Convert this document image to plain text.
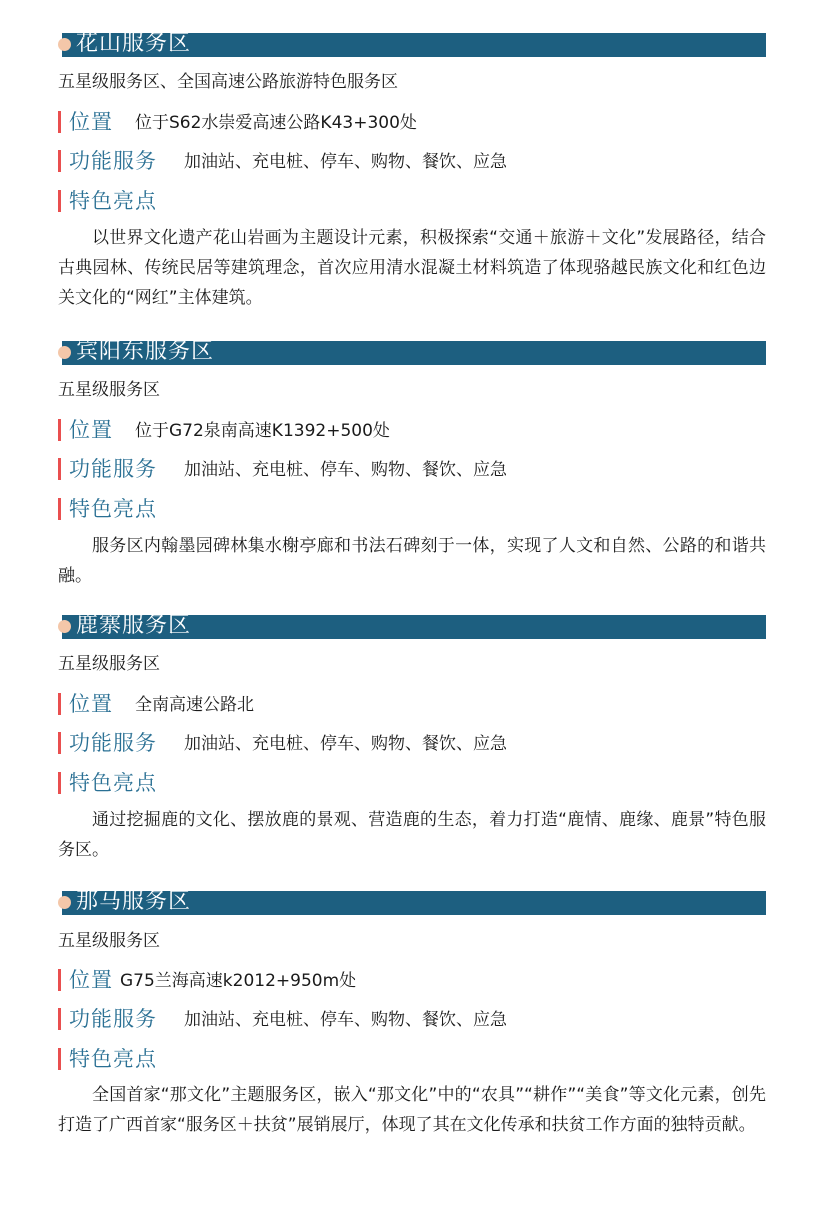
花山服务区
五星级服务区、全国高速公路旅游特色服务区
位置 位于S62水崇爱高速公路K43+300处
功能服务 加油站、充电桩、停车、购物、餐饮、应急
特色亮点
以世界文化遗产花山岩画为主题设计元素，积极探索“交通＋旅游＋文化”发展路径，结合古典园林、传统民居等建筑理念，首次应用清水混凝土材料筑造了体现骆越民族文化和红色边关文化的“网红”主体建筑。
宾阳东服务区
五星级服务区
位置 位于G72泉南高速K1392+500处
功能服务 加油站、充电桩、停车、购物、餐饮、应急
特色亮点
服务区内翰墨园碑林集水榭亭廊和书法石碑刻于一体，实现了人文和自然、公路的和谐共融。
鹿寨服务区
五星级服务区
位置 全南高速公路北
功能服务 加油站、充电桩、停车、购物、餐饮、应急
特色亮点
通过挖掘鹿的文化、摆放鹿的景观、营造鹿的生态，着力打造“鹿情、鹿缘、鹿景”特色服务区。
那马服务区
五星级服务区
位置 G75兰海高速k2012+950m处
功能服务 加油站、充电桩、停车、购物、餐饮、应急
特色亮点
全国首家“那文化”主题服务区，嵌入“那文化”中的“农具”“耕作”“美食”等文化元素，创先打造了广西首家“服务区＋扶贫”展销展厅，体现了其在文化传承和扶贫工作方面的独特贡献。
